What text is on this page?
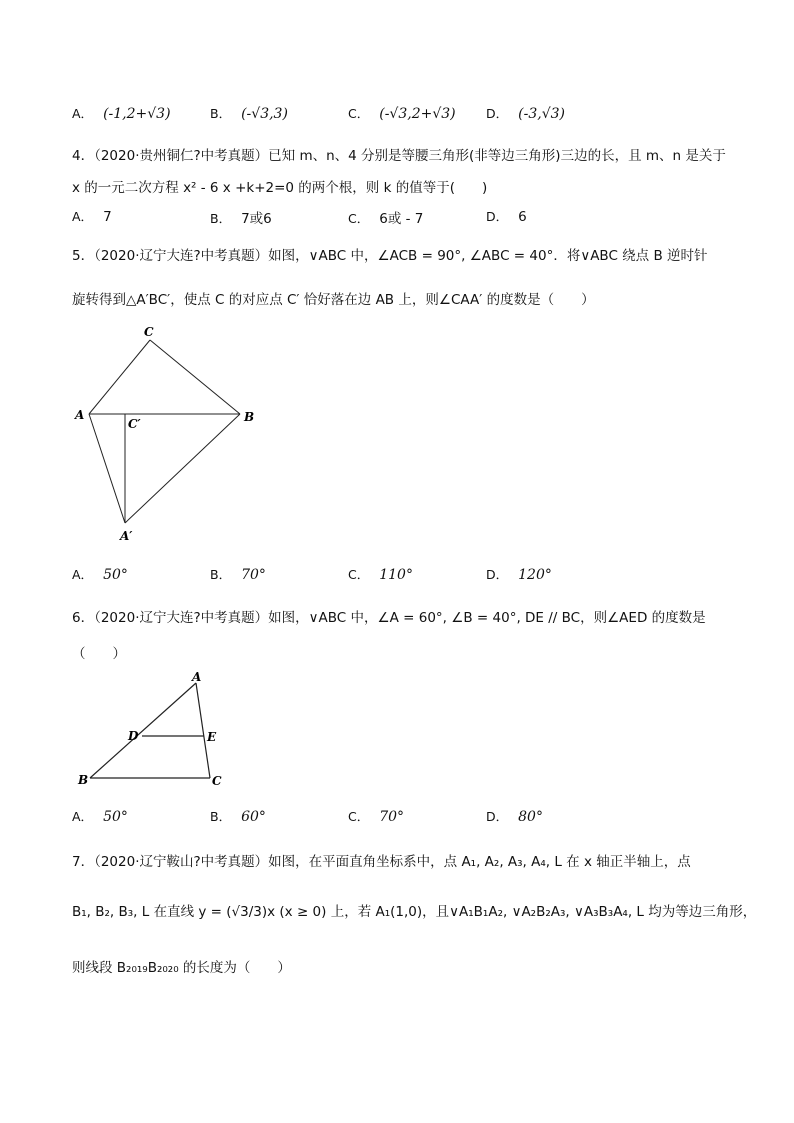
A． (-1,2+√3)	B． (-√3,3)	C． (-√3,2+√3) D． (-3,√3)
4．（2020·贵州铜仁?中考真题）已知 m、n、4 分别是等腰三角形(非等边三角形)三边的长，且 m、n 是关于
x 的一元二次方程 x² - 6 x +k+2=0 的两个根，则 k 的值等于(　　)
A． 7	B． 7或6	C． 6或 - 7	D． 6
5．（2020·辽宁大连?中考真题）如图，∨ABC 中，∠ACB = 90°, ∠ABC = 40°．将∨ABC 绕点 B 逆时针
旋转得到△A′BC′，使点 C 的对应点 C′ 恰好落在边 AB 上，则∠CAA′ 的度数是（　　）
C
A	B
C′
A′
A． 50°	B． 70°	C． 110°	D． 120°
6．（2020·辽宁大连?中考真题）如图，∨ABC 中，∠A = 60°, ∠B = 40°, DE // BC，则∠AED 的度数是
（　　）
A
B	C
D	E
A． 50°	B． 60°	C． 70°	D． 80°
7．（2020·辽宁鞍山?中考真题）如图，在平面直角坐标系中，点 A₁, A₂, A₃, A₄, L 在 x 轴正半轴上，点
B₁, B₂, B₃, L 在直线 y = (√3/3)x (x ≥ 0) 上，若 A₁(1,0)，且∨A₁B₁A₂, ∨A₂B₂A₃, ∨A₃B₃A₄, L 均为等边三角形，
则线段 B₂₀₁₉B₂₀₂₀ 的长度为（　　）
